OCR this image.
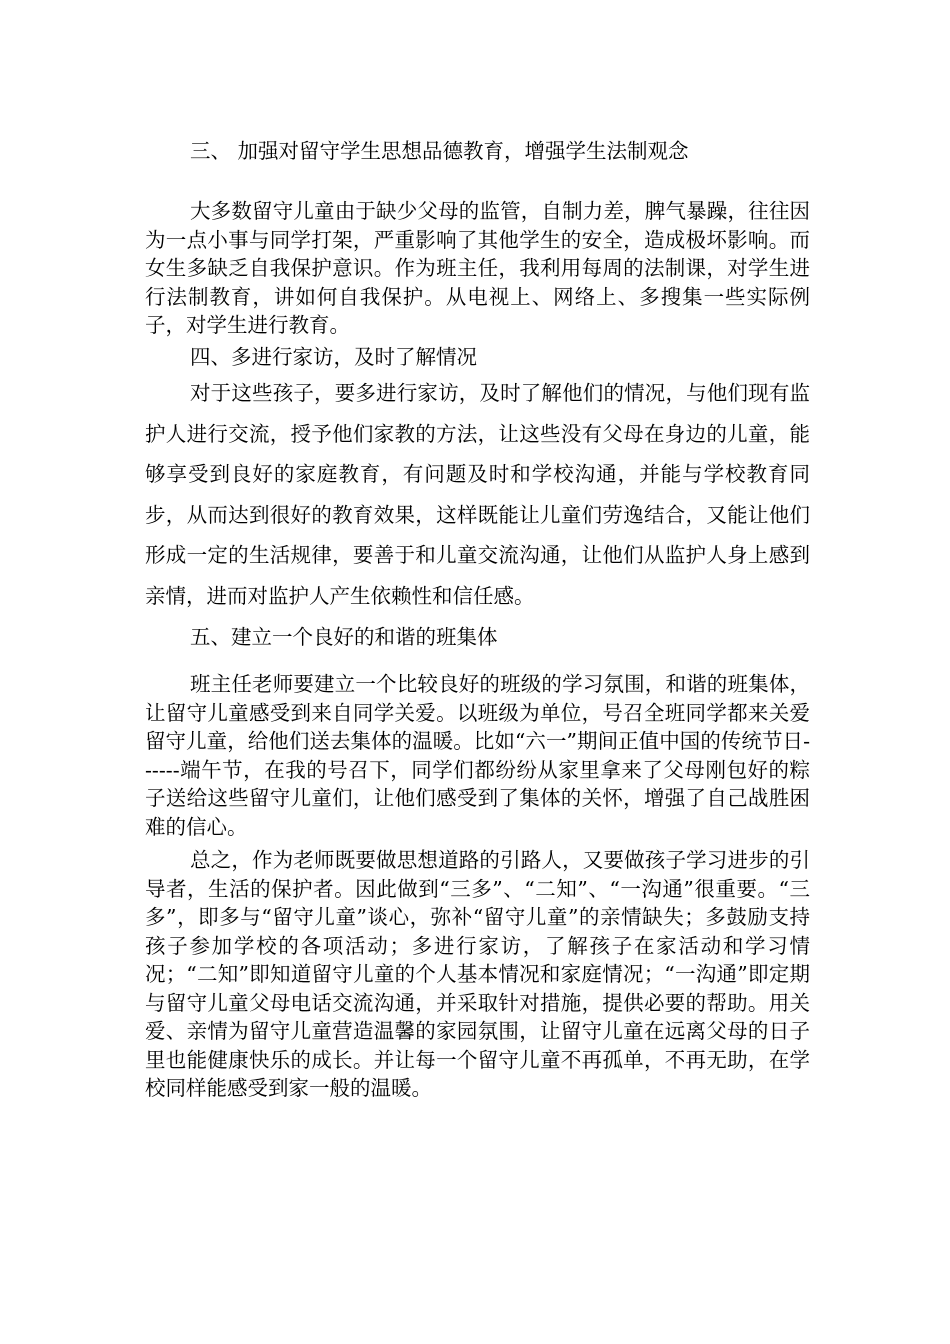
三、 加强对留守学生思想品德教育，增强学生法制观念

大多数留守儿童由于缺少父母的监管，自制力差，脾气暴躁，往往因为一点小事与同学打架，严重影响了其他学生的安全，造成极坏影响。而女生多缺乏自我保护意识。作为班主任，我利用每周的法制课，对学生进行法制教育，讲如何自我保护。从电视上、网络上、多搜集一些实际例子，对学生进行教育。

四、多进行家访，及时了解情况

对于这些孩子，要多进行家访，及时了解他们的情况，与他们现有监护人进行交流，授予他们家教的方法，让这些没有父母在身边的儿童，能够享受到良好的家庭教育，有问题及时和学校沟通，并能与学校教育同步，从而达到很好的教育效果，这样既能让儿童们劳逸结合，又能让他们形成一定的生活规律，要善于和儿童交流沟通，让他们从监护人身上感到亲情，进而对监护人产生依赖性和信任感。

五、建立一个良好的和谐的班集体

班主任老师要建立一个比较良好的班级的学习氛围，和谐的班集体，让留守儿童感受到来自同学关爱。以班级为单位，号召全班同学都来关爱留守儿童，给他们送去集体的温暖。比如“六一”期间正值中国的传统节日------端午节，在我的号召下，同学们都纷纷从家里拿来了父母刚包好的粽子送给这些留守儿童们，让他们感受到了集体的关怀，增强了自己战胜困难的信心。

总之，作为老师既要做思想道路的引路人，又要做孩子学习进步的引导者，生活的保护者。因此做到“三多”、“二知”、“一沟通”很重要。“三多”，即多与“留守儿童”谈心，弥补“留守儿童”的亲情缺失；多鼓励支持孩子参加学校的各项活动；多进行家访，了解孩子在家活动和学习情况；“二知”即知道留守儿童的个人基本情况和家庭情况；“一沟通”即定期与留守儿童父母电话交流沟通，并采取针对措施，提供必要的帮助。用关爱、亲情为留守儿童营造温馨的家园氛围，让留守儿童在远离父母的日子里也能健康快乐的成长。并让每一个留守儿童不再孤单，不再无助，在学校同样能感受到家一般的温暖。
